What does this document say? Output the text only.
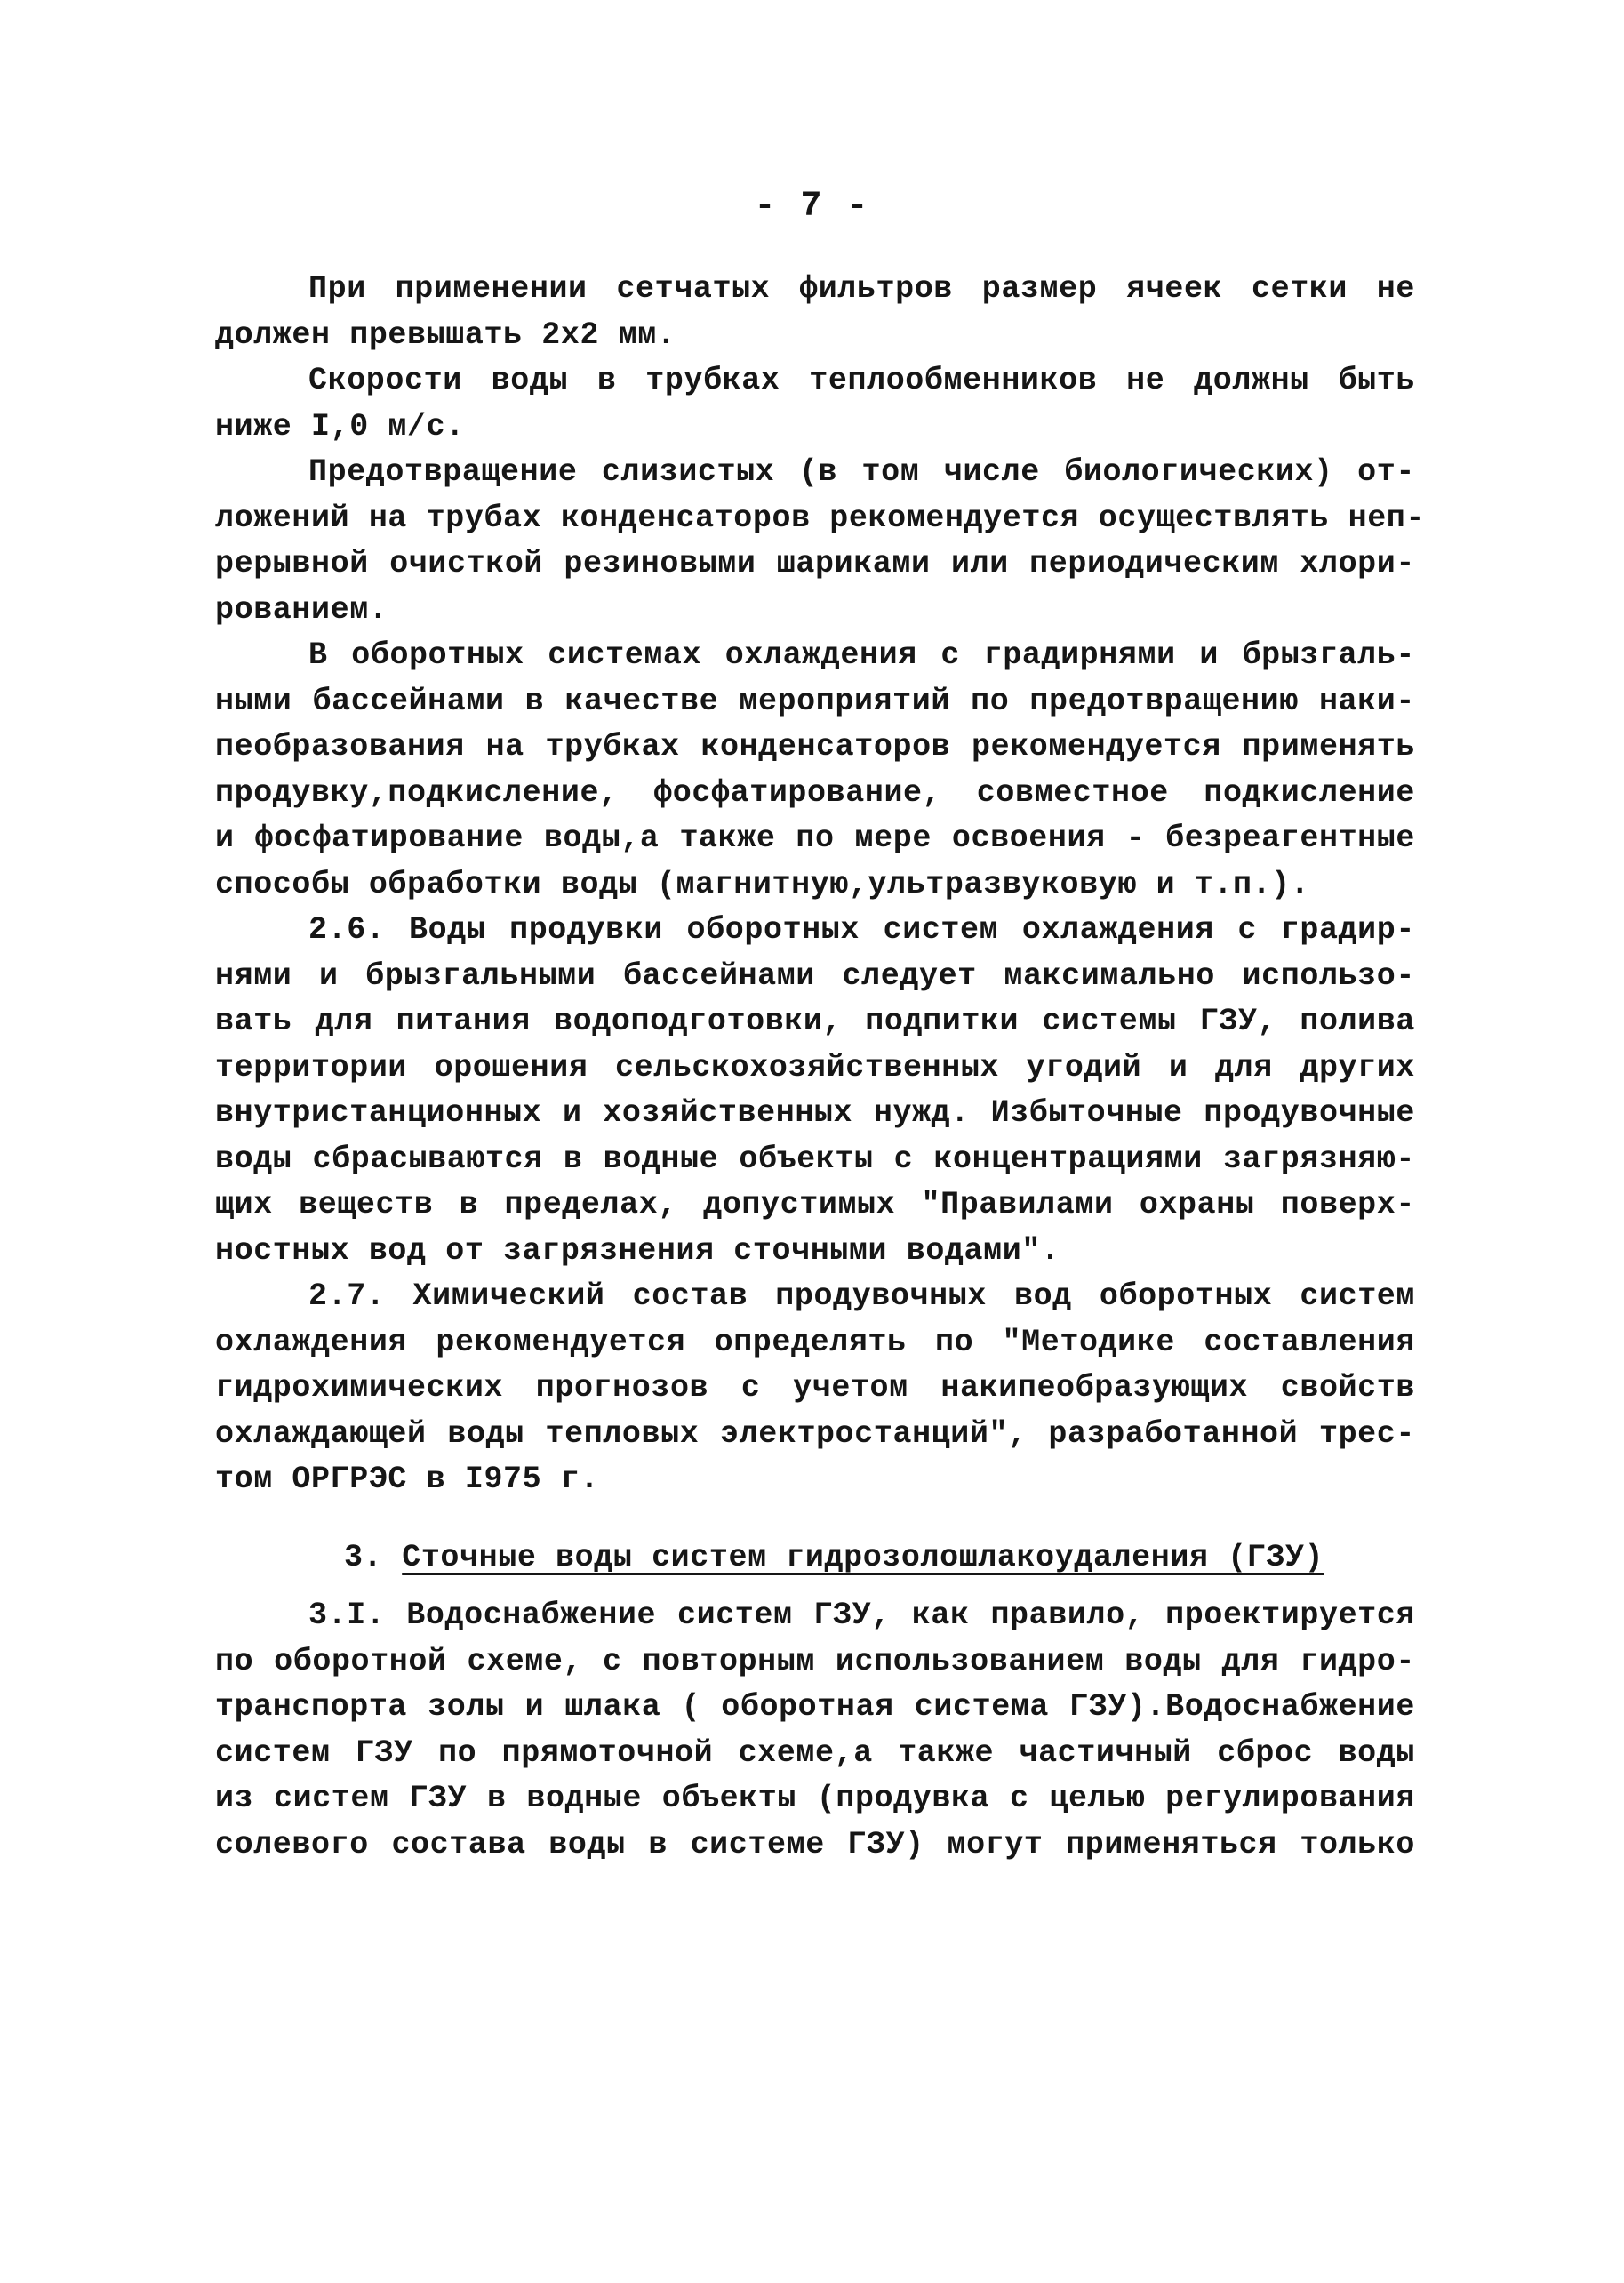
- 7 -
При применении сетчатых фильтров размер ячеек сетки не
должен превышать 2х2 мм.
Скорости воды в трубках теплообменников не должны быть
ниже I,0 м/с.
Предотвращение слизистых (в том числе биологических) от-
ложений на трубах конденсаторов рекомендуется осуществлять неп-
рерывной очисткой резиновыми шариками или периодическим хлори-
рованием.
В оборотных системах охлаждения с градирнями и брызгаль-
ными бассейнами в качестве мероприятий по предотвращению наки-
пеобразования на трубках конденсаторов рекомендуется применять
продувку,подкисление, фосфатирование, совместное подкисление
и фосфатирование воды,а также по мере освоения - безреагентные
способы обработки воды (магнитную,ультразвуковую и т.п.).
2.6. Воды продувки оборотных систем охлаждения с градир-
нями и брызгальными бассейнами следует максимально использо-
вать для питания водоподготовки, подпитки системы ГЗУ, полива
территории орошения сельскохозяйственных угодий и для других
внутристанционных и хозяйственных нужд. Избыточные продувочные
воды сбрасываются в водные объекты с концентрациями загрязняю-
щих веществ в пределах, допустимых "Правилами охраны поверх-
ностных вод от загрязнения сточными водами".
2.7. Химический состав продувочных вод оборотных систем
охлаждения рекомендуется определять по "Методике составления
гидрохимических прогнозов с учетом накипеобразующих свойств
охлаждающей воды тепловых электростанций", разработанной трес-
том ОРГРЭС в I975 г.
3. Сточные воды систем гидрозолошлакоудаления (ГЗУ)
3.I. Водоснабжение систем ГЗУ, как правило, проектируется
по оборотной схеме, с повторным использованием воды для гидро-
транспорта золы и шлака ( оборотная система ГЗУ).Водоснабжение
систем ГЗУ по прямоточной схеме,а также частичный сброс воды
из систем ГЗУ в водные объекты (продувка с целью регулирования
солевого состава воды в системе ГЗУ) могут применяться только
